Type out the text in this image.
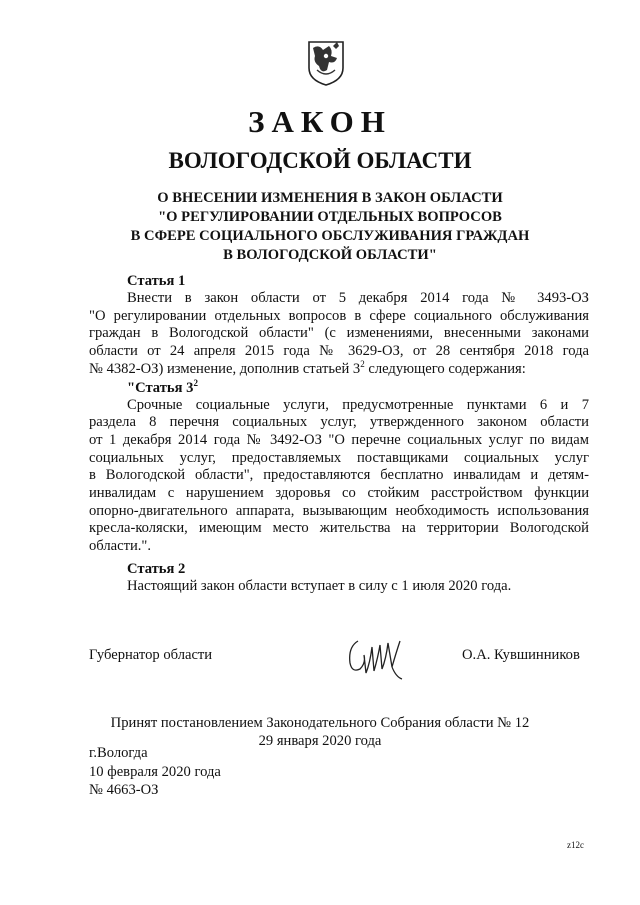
ЗАКОН
ВОЛОГОДСКОЙ ОБЛАСТИ
О ВНЕСЕНИИ ИЗМЕНЕНИЯ В ЗАКОН ОБЛАСТИ
"О РЕГУЛИРОВАНИИ ОТДЕЛЬНЫХ ВОПРОСОВ
В СФЕРЕ СОЦИАЛЬНОГО ОБСЛУЖИВАНИЯ ГРАЖДАН
В ВОЛОГОДСКОЙ ОБЛАСТИ"
Статья 1
Внести в закон области от 5 декабря 2014 года № 3493-ОЗ
"О регулировании отдельных вопросов в сфере социального обслуживания
граждан в Вологодской области" (с изменениями, внесенными законами
области от 24 апреля 2015 года № 3629-ОЗ, от 28 сентября 2018 года
№ 4382-ОЗ) изменение, дополнив статьей $3^2$ следующего содержания:
"Статья $3^2$
Срочные социальные услуги, предусмотренные пунктами 6 и 7
раздела 8 перечня социальных услуг, утвержденного законом области
от 1 декабря 2014 года № 3492-ОЗ "О перечне социальных услуг по видам
социальных услуг, предоставляемых поставщиками социальных услуг
в Вологодской области", предоставляются бесплатно инвалидам и детям-
инвалидам с нарушением здоровья со стойким расстройством функции
опорно-двигательного аппарата, вызывающим необходимость использования
кресла-коляски, имеющим место жительства на территории Вологодской
области.".
Статья 2
Настоящий закон области вступает в силу с 1 июля 2020 года.
Губернатор области	О.А. Кувшинников
Принят постановлением Законодательного Собрания области № 12
29 января 2020 года
г.Вологда
10 февраля 2020 года
№ 4663-ОЗ
z12c
